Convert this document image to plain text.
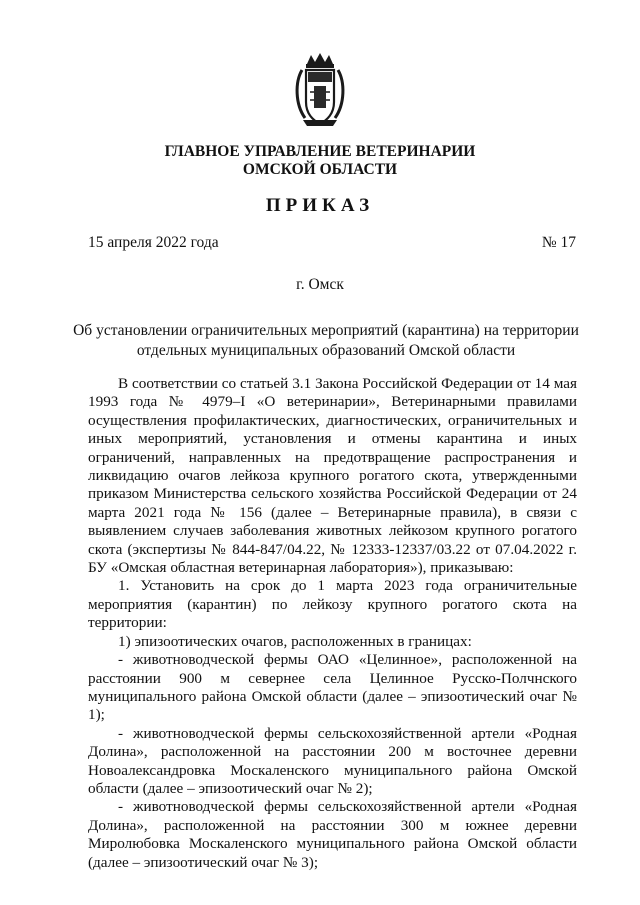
ГЛАВНОЕ УПРАВЛЕНИЕ ВЕТЕРИНАРИИ
ОМСКОЙ ОБЛАСТИ
ПРИКАЗ
15 апреля 2022 года	№ 17
г. Омск
Об установлении ограничительных мероприятий (карантина) на территории отдельных муниципальных образований Омской области

В соответствии со статьей 3.1 Закона Российской Федерации от 14 мая 1993 года № 4979–I «О ветеринарии», Ветеринарными правилами осуществления профилактических, диагностических, ограничительных и иных мероприятий, установления и отмены карантина и иных ограничений, направленных на предотвращение распространения и ликвидацию очагов лейкоза крупного рогатого скота, утвержденными приказом Министерства сельского хозяйства Российской Федерации от 24 марта 2021 года № 156 (далее – Ветеринарные правила), в связи с выявлением случаев заболевания животных лейкозом крупного рогатого скота (экспертизы № 844-847/04.22, № 12333-12337/03.22 от 07.04.2022 г. БУ «Омская областная ветеринарная лаборатория»), приказываю:

1. Установить на срок до 1 марта 2023 года ограничительные мероприятия (карантин) по лейкозу крупного рогатого скота на территории:

1) эпизоотических очагов, расположенных в границах:

- животноводческой фермы ОАО «Целинное», расположенной на расстоянии 900 м севернее села Целинное Русско-Полчнского муниципального района Омской области (далее – эпизоотический очаг № 1);

- животноводческой фермы сельскохозяйственной артели «Родная Долина», расположенной на расстоянии 200 м восточнее деревни Новоалександровка Москаленского муниципального района Омской области (далее – эпизоотический очаг № 2);

- животноводческой фермы сельскохозяйственной артели «Родная Долина», расположенной на расстоянии 300 м южнее деревни Миролюбовка Москаленского муниципального района Омской области (далее – эпизоотический очаг № 3);
